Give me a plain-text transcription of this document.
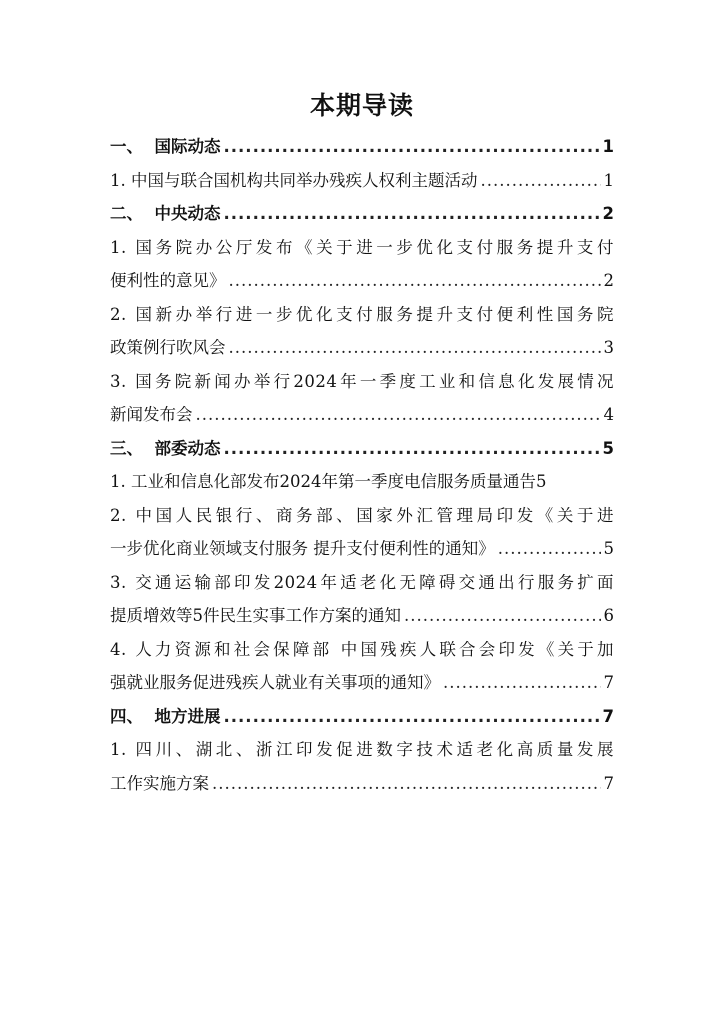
本期导读
一、  国际动态 .....	1
1. 中国与联合国机构共同举办残疾人权利主题活动 .....	1
二、  中央动态 .....	2
1. 国务院办公厅发布《关于进一步优化支付服务提升支付
便利性的意见》 .....	2
2. 国新办举行进一步优化支付服务提升支付便利性国务院
政策例行吹风会 .....	3
3. 国务院新闻办举行2024年一季度工业和信息化发展情况
新闻发布会 .....	4
三、  部委动态 .....	5
1. 工业和信息化部发布2024年第一季度电信服务质量通告 5
2. 中国人民银行、商务部、国家外汇管理局印发《关于进
一步优化商业领域支付服务 提升支付便利性的通知》 .....	5
3. 交通运输部印发2024年适老化无障碍交通出行服务扩面
提质增效等5件民生实事工作方案的通知 .....	6
4. 人力资源和社会保障部 中国残疾人联合会印发《关于加
强就业服务促进残疾人就业有关事项的通知》 .....	7
四、  地方进展 .....	7
1. 四川、湖北、浙江印发促进数字技术适老化高质量发展
工作实施方案 .....	7
